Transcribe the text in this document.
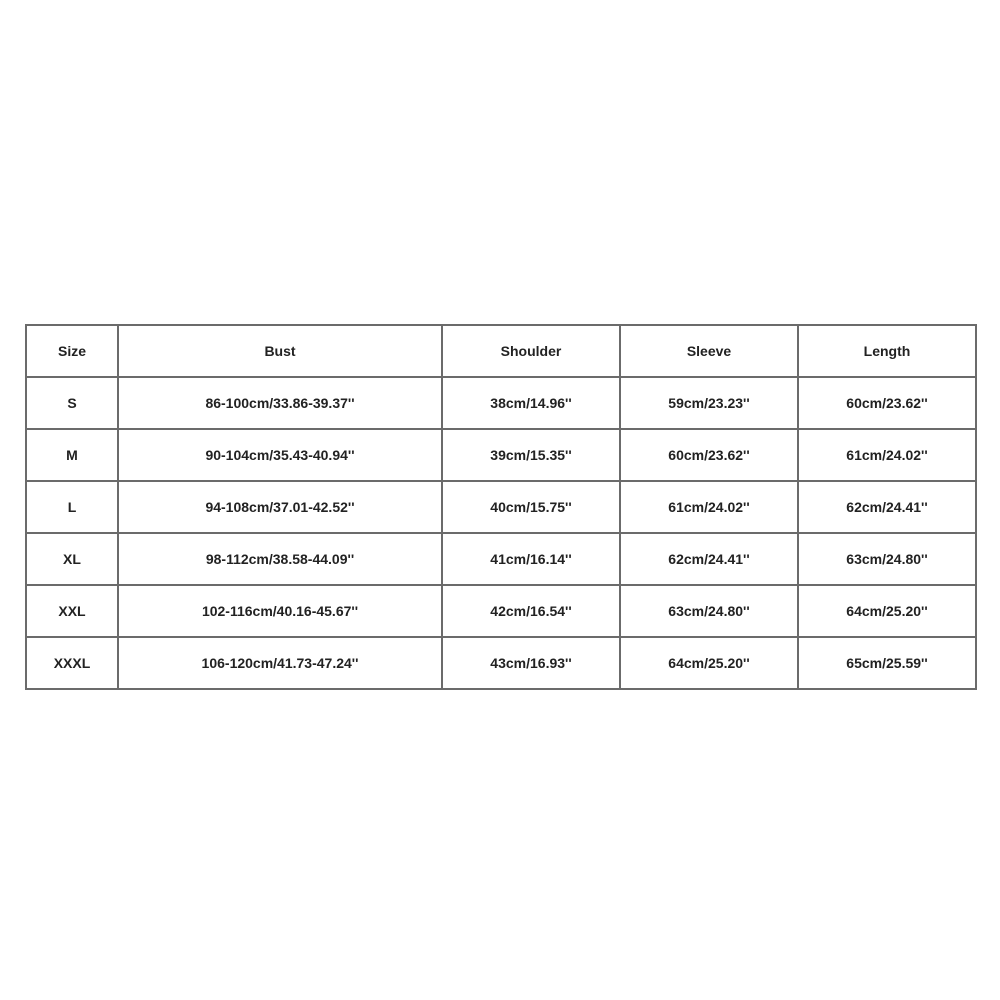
Size	Bust	Shoulder	Sleeve	Length
S	86-100cm/33.86-39.37''	38cm/14.96''	59cm/23.23''	60cm/23.62''
M	90-104cm/35.43-40.94''	39cm/15.35''	60cm/23.62''	61cm/24.02''
L	94-108cm/37.01-42.52''	40cm/15.75''	61cm/24.02''	62cm/24.41''
XL	98-112cm/38.58-44.09''	41cm/16.14''	62cm/24.41''	63cm/24.80''
XXL	102-116cm/40.16-45.67''	42cm/16.54''	63cm/24.80''	64cm/25.20''
XXXL	106-120cm/41.73-47.24''	43cm/16.93''	64cm/25.20''	65cm/25.59''
